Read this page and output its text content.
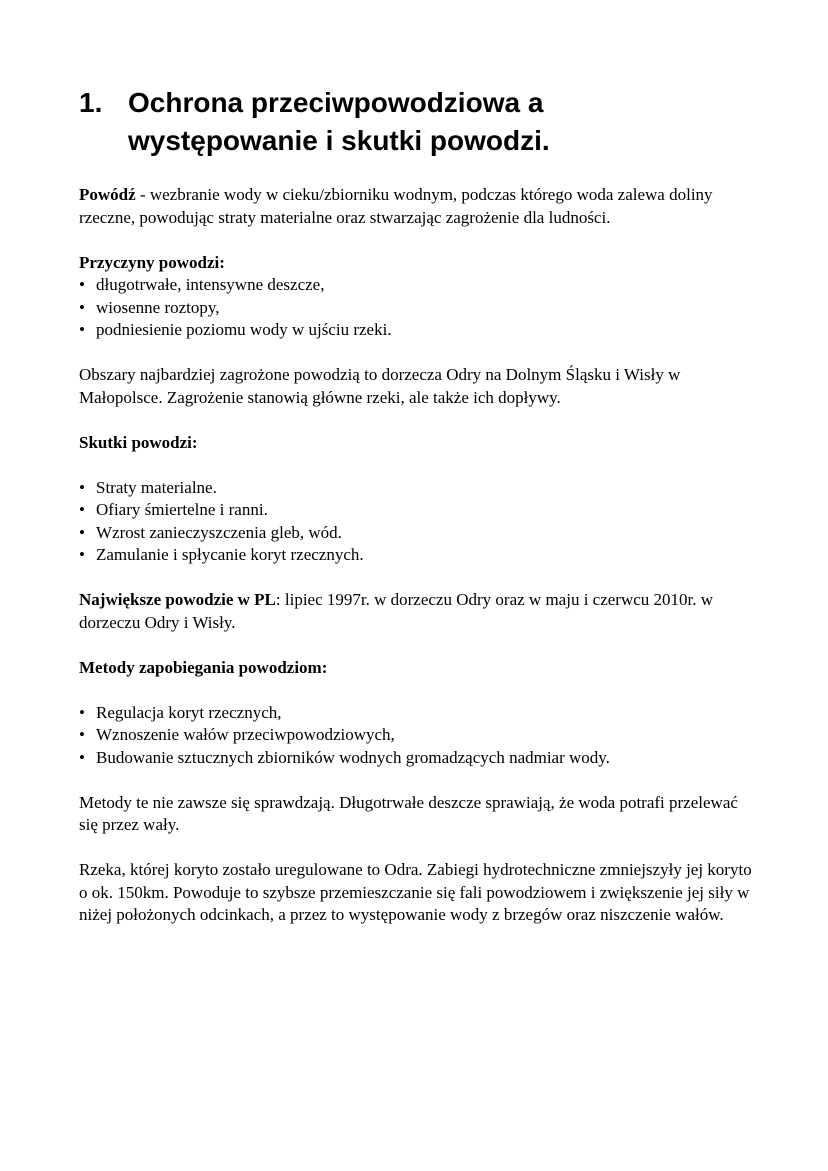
1. Ochrona przeciwpowodziowa a występowanie i skutki powodzi.

Powódź - wezbranie wody w cieku/zbiorniku wodnym, podczas którego woda zalewa doliny rzeczne, powodując straty materialne oraz stwarzając zagrożenie dla ludności.

Przyczyny powodzi:

• długotrwałe, intensywne deszcze,
• wiosenne roztopy,
• podniesienie poziomu wody w ujściu rzeki.

Obszary najbardziej zagrożone powodzią to dorzecza Odry na Dolnym Śląsku i Wisły w Małopolsce. Zagrożenie stanowią główne rzeki, ale także ich dopływy.

Skutki powodzi:

• Straty materialne.
• Ofiary śmiertelne i ranni.
• Wzrost zanieczyszczenia gleb, wód.
• Zamulanie i spłycanie koryt rzecznych.

Największe powodzie w PL: lipiec 1997r. w dorzeczu Odry oraz w maju i czerwcu 2010r. w dorzeczu Odry i Wisły.

Metody zapobiegania powodziom:

• Regulacja koryt rzecznych,
• Wznoszenie wałów przeciwpowodziowych,
• Budowanie sztucznych zbiorników wodnych gromadzących nadmiar wody.

Metody te nie zawsze się sprawdzają. Długotrwałe deszcze sprawiają, że woda potrafi przelewać się przez wały.

Rzeka, której koryto zostało uregulowane to Odra. Zabiegi hydrotechniczne zmniejszyły jej koryto o ok. 150km. Powoduje to szybsze przemieszczanie się fali powodziowem i zwiększenie jej siły w niżej położonych odcinkach, a przez to występowanie wody z brzegów oraz niszczenie wałów.
